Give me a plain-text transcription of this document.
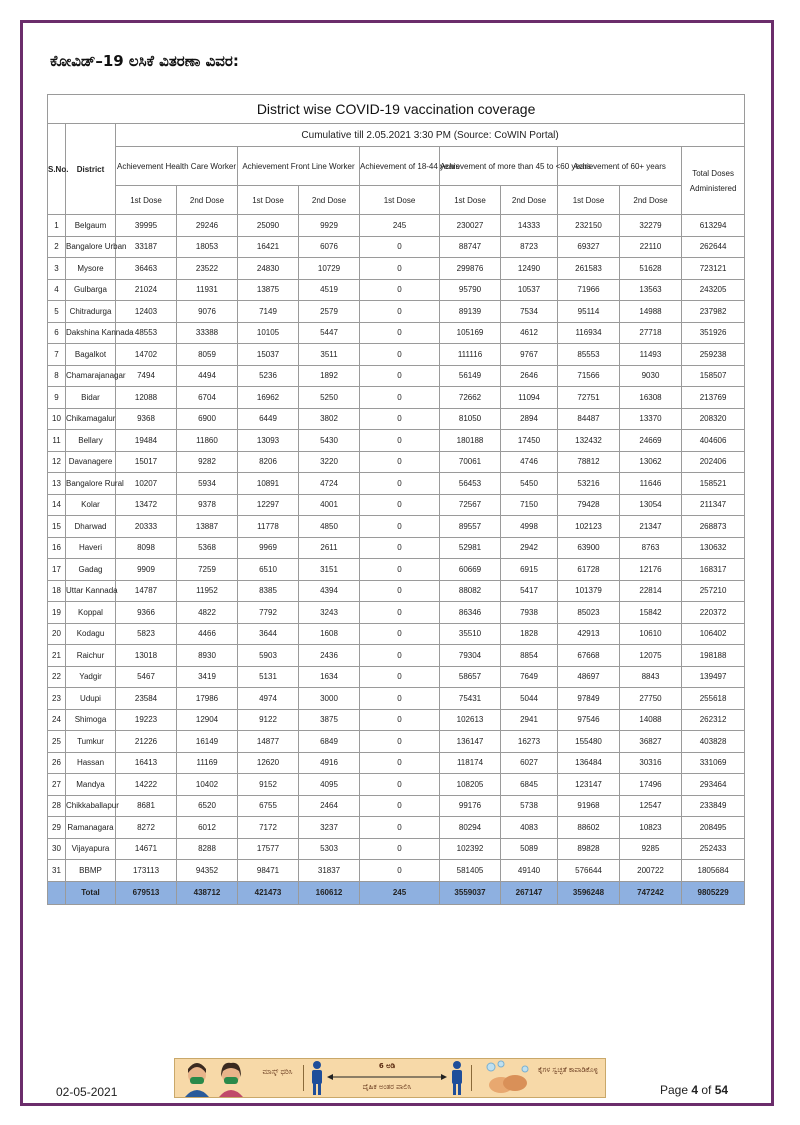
ಕೋವಿಡ್–19 ಲಸಿಕೆ ವಿತರಣಾ ವಿವರ:
District wise COVID-19 vaccination coverage											
S.No.	District	Cumulative till 2.05.2021 3:30 PM (Source: CoWIN Portal)									
		Achievement Health Care Worker		Achievement Front Line Worker		Achievement of 18-44 years	Achievement of more than 45 to <60 years		Achievement of 60+ years		Total Doses
Administered

		1st Dose	2nd Dose	1st Dose	2nd Dose	1st Dose	1st Dose	2nd Dose	1st Dose	2nd Dose	
1	Belgaum	39995	29246	25090	9929	245	230027	14333	232150	32279	613294
2	Bangalore Urban	33187	18053	16421	6076	0	88747	8723	69327	22110	262644
3	Mysore	36463	23522	24830	10729	0	299876	12490	261583	51628	723121
4	Gulbarga	21024	11931	13875	4519	0	95790	10537	71966	13563	243205
5	Chitradurga	12403	9076	7149	2579	0	89139	7534	95114	14988	237982
6	Dakshina Kannada	48553	33388	10105	5447	0	105169	4612	116934	27718	351926
7	Bagalkot	14702	8059	15037	3511	0	111116	9767	85553	11493	259238
8	Chamarajanagar	7494	4494	5236	1892	0	56149	2646	71566	9030	158507
9	Bidar	12088	6704	16962	5250	0	72662	11094	72751	16308	213769
10	Chikamagalur	9368	6900	6449	3802	0	81050	2894	84487	13370	208320
11	Bellary	19484	11860	13093	5430	0	180188	17450	132432	24669	404606
12	Davanagere	15017	9282	8206	3220	0	70061	4746	78812	13062	202406
13	Bangalore Rural	10207	5934	10891	4724	0	56453	5450	53216	11646	158521
14	Kolar	13472	9378	12297	4001	0	72567	7150	79428	13054	211347
15	Dharwad	20333	13887	11778	4850	0	89557	4998	102123	21347	268873
16	Haveri	8098	5368	9969	2611	0	52981	2942	63900	8763	130632
17	Gadag	9909	7259	6510	3151	0	60669	6915	61728	12176	168317
18	Uttar Kannada	14787	11952	8385	4394	0	88082	5417	101379	22814	257210
19	Koppal	9366	4822	7792	3243	0	86346	7938	85023	15842	220372
20	Kodagu	5823	4466	3644	1608	0	35510	1828	42913	10610	106402
21	Raichur	13018	8930	5903	2436	0	79304	8854	67668	12075	198188
22	Yadgir	5467	3419	5131	1634	0	58657	7649	48697	8843	139497
23	Udupi	23584	17986	4974	3000	0	75431	5044	97849	27750	255618
24	Shimoga	19223	12904	9122	3875	0	102613	2941	97546	14088	262312
25	Tumkur	21226	16149	14877	6849	0	136147	16273	155480	36827	403828
26	Hassan	16413	11169	12620	4916	0	118174	6027	136484	30316	331069
27	Mandya	14222	10402	9152	4095	0	108205	6845	123147	17496	293464
28	Chikkaballapur	8681	6520	6755	2464	0	99176	5738	91968	12547	233849
29	Ramanagara	8272	6012	7172	3237	0	80294	4083	88602	10823	208495
30	Vijayapura	14671	8288	17577	5303	0	102392	5089	89828	9285	252433
31	BBMP	173113	94352	98471	31837	0	581405	49140	576644	200722	1805684
	Total	679513	438712	421473	160612	245	3559037	267147	3596248	747242	9805229
ಮಾಸ್ಕ್ ಧರಿಸಿ
6 ಅಡಿ
ದೈಹಿಕ ಅಂತರ ಪಾಲಿಸಿ
ಕೈಗಳ ಸ್ವಚ್ಛತೆ ಕಾಪಾಡಿಕೊಳ್ಳಿ
02-05-2021	Page 4 of 54
